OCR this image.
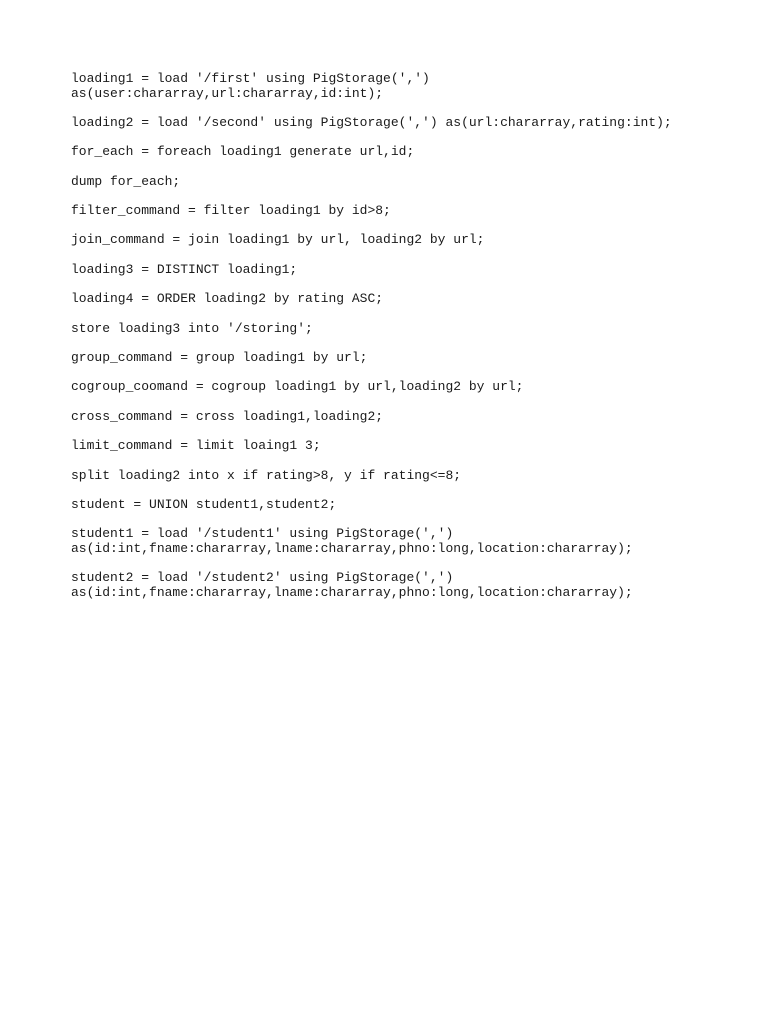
loading1 = load '/first' using PigStorage(',')
as(user:chararray,url:chararray,id:int);

loading2 = load '/second' using PigStorage(',') as(url:chararray,rating:int);

for_each = foreach loading1 generate url,id;

dump for_each;

filter_command = filter loading1 by id>8;

join_command = join loading1 by url, loading2 by url;

loading3 = DISTINCT loading1;

loading4 = ORDER loading2 by rating ASC;

store loading3 into '/storing';

group_command = group loading1 by url;

cogroup_coomand = cogroup loading1 by url,loading2 by url;

cross_command = cross loading1,loading2;

limit_command = limit loaing1 3;

split loading2 into x if rating>8, y if rating<=8;

student = UNION student1,student2;

student1 = load '/student1' using PigStorage(',')
as(id:int,fname:chararray,lname:chararray,phno:long,location:chararray);

student2 = load '/student2' using PigStorage(',')
as(id:int,fname:chararray,lname:chararray,phno:long,location:chararray);
